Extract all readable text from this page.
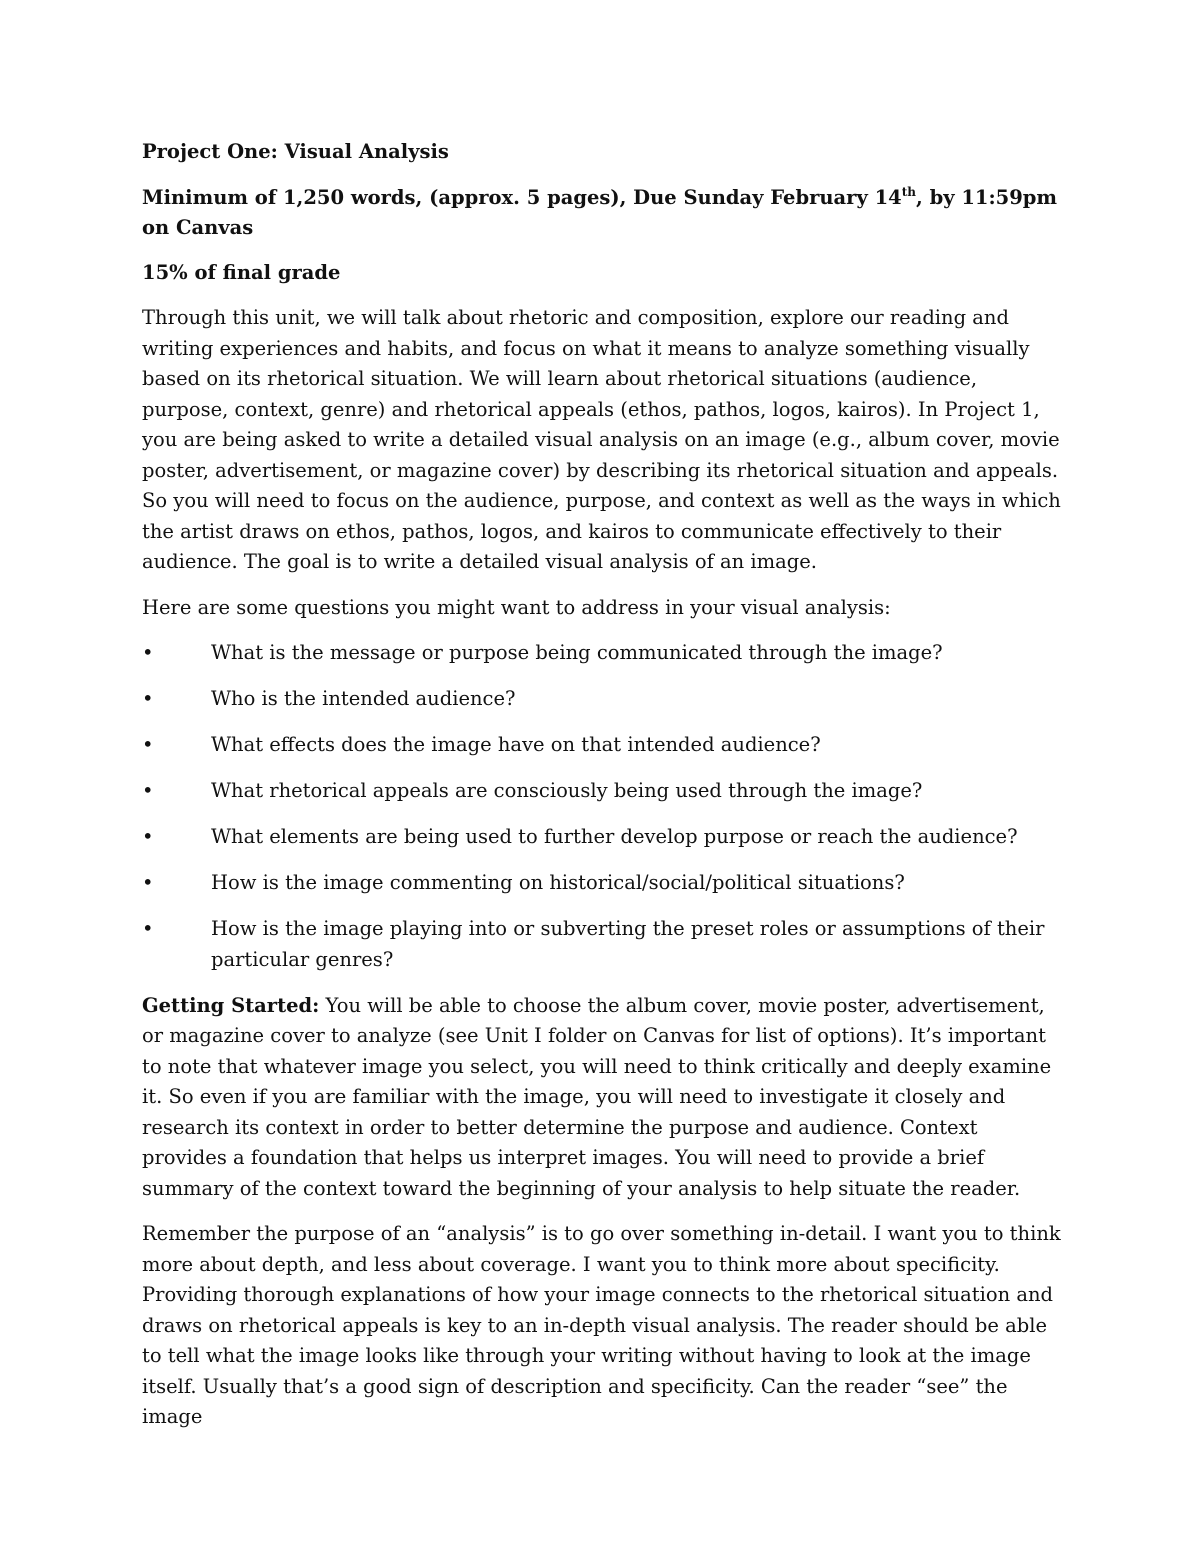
Project One: Visual Analysis
Minimum of 1,250 words, (approx. 5 pages), Due Sunday February 14th, by 11:59pm on Canvas
15% of final grade

Through this unit, we will talk about rhetoric and composition, explore our reading and writing experiences and habits, and focus on what it means to analyze something visually based on its rhetorical situation. We will learn about rhetorical situations (audience, purpose, context, genre) and rhetorical appeals (ethos, pathos, logos, kairos). In Project 1, you are being asked to write a detailed visual analysis on an image (e.g., album cover, movie poster, advertisement, or magazine cover) by describing its rhetorical situation and appeals. So you will need to focus on the audience, purpose, and context as well as the ways in which the artist draws on ethos, pathos, logos, and kairos to communicate effectively to their audience. The goal is to write a detailed visual analysis of an image.

Here are some questions you might want to address in your visual analysis:

•	What is the message or purpose being communicated through the image?
•	Who is the intended audience?
•	What effects does the image have on that intended audience?
•	What rhetorical appeals are consciously being used through the image?
•	What elements are being used to further develop purpose or reach the audience?
•	How is the image commenting on historical/social/political situations?
•	How is the image playing into or subverting the preset roles or assumptions of their particular genres?

Getting Started: You will be able to choose the album cover, movie poster, advertisement, or magazine cover to analyze (see Unit I folder on Canvas for list of options). It’s important to note that whatever image you select, you will need to think critically and deeply examine it. So even if you are familiar with the image, you will need to investigate it closely and research its context in order to better determine the purpose and audience. Context provides a foundation that helps us interpret images. You will need to provide a brief summary of the context toward the beginning of your analysis to help situate the reader.

Remember the purpose of an “analysis” is to go over something in-detail. I want you to think more about depth, and less about coverage. I want you to think more about specificity. Providing thorough explanations of how your image connects to the rhetorical situation and draws on rhetorical appeals is key to an in-depth visual analysis. The reader should be able to tell what the image looks like through your writing without having to look at the image itself. Usually that’s a good sign of description and specificity. Can the reader “see” the image
